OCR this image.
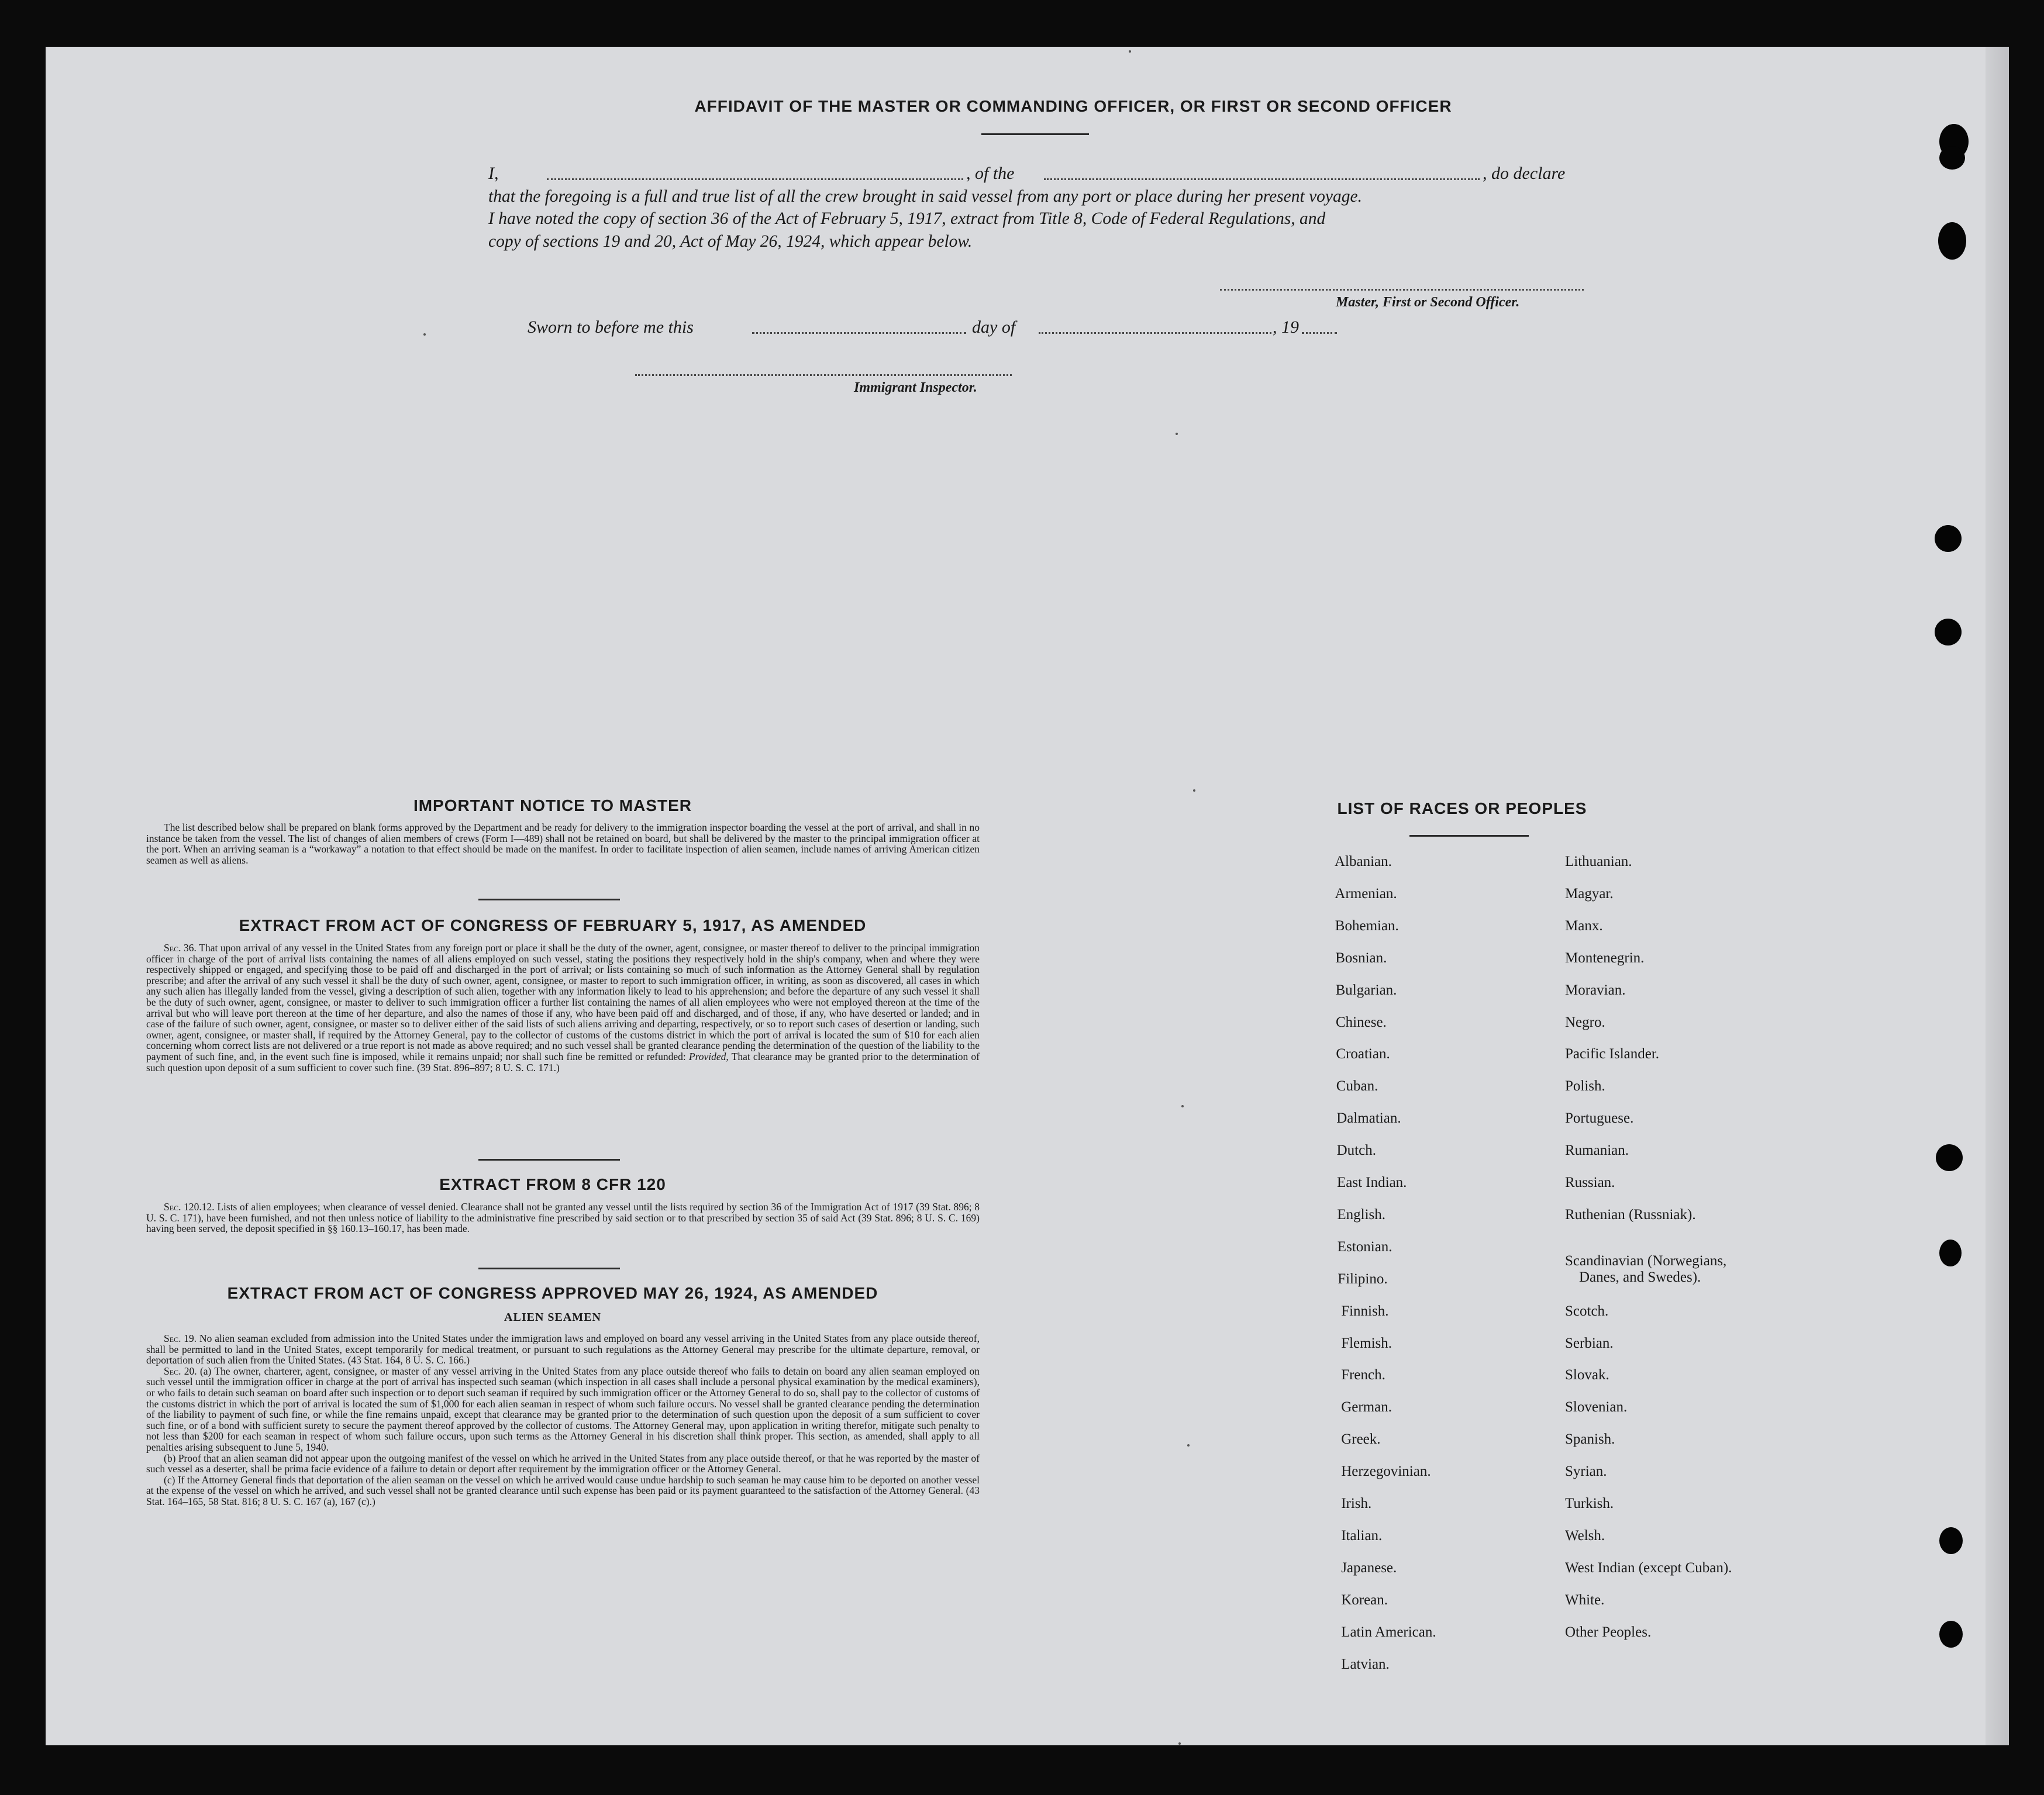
AFFIDAVIT OF THE MASTER OR COMMANDING OFFICER, OR FIRST OR SECOND OFFICER
I,	, of the	, do declare
that the foregoing is a full and true list of all the crew brought in said vessel from any port or place during her present voyage.
I have noted the copy of section 36 of the Act of February 5, 1917, extract from Title 8, Code of Federal Regulations, and
copy of sections 19 and 20, Act of May 26, 1924, which appear below.
Master, First or Second Officer.
Sworn to before me this	day of	, 19
Immigrant Inspector.
IMPORTANT NOTICE TO MASTER

The list described below shall be prepared on blank forms approved by the Department and be ready for delivery to the immigration inspector boarding the vessel at the port of arrival, and shall in no instance be taken from the vessel. The list of changes of alien members of crews (Form I—489) shall not be retained on board, but shall be delivered by the master to the principal immigration officer at the port. When an arriving seaman is a “workaway” a notation to that effect should be made on the manifest. In order to facilitate inspection of alien seamen, include names of arriving American citizen seamen as well as aliens.

EXTRACT FROM ACT OF CONGRESS OF FEBRUARY 5, 1917, AS AMENDED

Sec. 36. That upon arrival of any vessel in the United States from any foreign port or place it shall be the duty of the owner, agent, consignee, or master thereof to deliver to the principal immigration officer in charge of the port of arrival lists containing the names of all aliens employed on such vessel, stating the positions they respectively hold in the ship's company, when and where they were respectively shipped or engaged, and specifying those to be paid off and discharged in the port of arrival; or lists containing so much of such information as the Attorney General shall by regulation prescribe; and after the arrival of any such vessel it shall be the duty of such owner, agent, consignee, or master to report to such immigration officer, in writing, as soon as discovered, all cases in which any such alien has illegally landed from the vessel, giving a description of such alien, together with any information likely to lead to his apprehension; and before the departure of any such vessel it shall be the duty of such owner, agent, consignee, or master to deliver to such immigration officer a further list containing the names of all alien employees who were not employed thereon at the time of the arrival but who will leave port thereon at the time of her departure, and also the names of those if any, who have been paid off and discharged, and of those, if any, who have deserted or landed; and in case of the failure of such owner, agent, consignee, or master so to deliver either of the said lists of such aliens arriving and departing, respectively, or so to report such cases of desertion or landing, such owner, agent, consignee, or master shall, if required by the Attorney General, pay to the collector of customs of the customs district in which the port of arrival is located the sum of $10 for each alien concerning whom correct lists are not delivered or a true report is not made as above required; and no such vessel shall be granted clearance pending the determination of the question of the liability to the payment of such fine, and, in the event such fine is imposed, while it remains unpaid; nor shall such fine be remitted or refunded: Provided, That clearance may be granted prior to the determination of such question upon deposit of a sum sufficient to cover such fine. (39 Stat. 896–897; 8 U. S. C. 171.)

EXTRACT FROM 8 CFR 120

Sec. 120.12. Lists of alien employees; when clearance of vessel denied. Clearance shall not be granted any vessel until the lists required by section 36 of the Immigration Act of 1917 (39 Stat. 896; 8 U. S. C. 171), have been furnished, and not then unless notice of liability to the administrative fine prescribed by said section or to that prescribed by section 35 of said Act (39 Stat. 896; 8 U. S. C. 169) having been served, the deposit specified in §§ 160.13–160.17, has been made.

EXTRACT FROM ACT OF CONGRESS APPROVED MAY 26, 1924, AS AMENDED
ALIEN SEAMEN

Sec. 19. No alien seaman excluded from admission into the United States under the immigration laws and employed on board any vessel arriving in the United States from any place outside thereof, shall be permitted to land in the United States, except temporarily for medical treatment, or pursuant to such regulations as the Attorney General may prescribe for the ultimate departure, removal, or deportation of such alien from the United States. (43 Stat. 164, 8 U. S. C. 166.)

Sec. 20. (a) The owner, charterer, agent, consignee, or master of any vessel arriving in the United States from any place outside thereof who fails to detain on board any alien seaman employed on such vessel until the immigration officer in charge at the port of arrival has inspected such seaman (which inspection in all cases shall include a personal physical examination by the medical examiners), or who fails to detain such seaman on board after such inspection or to deport such seaman if required by such immigration officer or the Attorney General to do so, shall pay to the collector of customs of the customs district in which the port of arrival is located the sum of $1,000 for each alien seaman in respect of whom such failure occurs. No vessel shall be granted clearance pending the determination of the liability to payment of such fine, or while the fine remains unpaid, except that clearance may be granted prior to the determination of such question upon the deposit of a sum sufficient to cover such fine, or of a bond with sufficient surety to secure the payment thereof approved by the collector of customs. The Attorney General may, upon application in writing therefor, mitigate such penalty to not less than $200 for each seaman in respect of whom such failure occurs, upon such terms as the Attorney General in his discretion shall think proper. This section, as amended, shall apply to all penalties arising subsequent to June 5, 1940.

(b) Proof that an alien seaman did not appear upon the outgoing manifest of the vessel on which he arrived in the United States from any place outside thereof, or that he was reported by the master of such vessel as a deserter, shall be prima facie evidence of a failure to detain or deport after requirement by the immigration officer or the Attorney General.

(c) If the Attorney General finds that deportation of the alien seaman on the vessel on which he arrived would cause undue hardship to such seaman he may cause him to be deported on another vessel at the expense of the vessel on which he arrived, and such vessel shall not be granted clearance until such expense has been paid or its payment guaranteed to the satisfaction of the Attorney General. (43 Stat. 164–165, 58 Stat. 816; 8 U. S. C. 167 (a), 167 (c).)

LIST OF RACES OR PEOPLES
Albanian.
Armenian.
Bohemian.
Bosnian.
Bulgarian.
Chinese.
Croatian.
Cuban.
Dalmatian.
Dutch.
East Indian.
English.
Estonian.
Filipino.
Finnish.
Flemish.
French.
German.
Greek.
Herzegovinian.
Irish.
Italian.
Japanese.
Korean.
Latin American.
Latvian.
Lithuanian.
Magyar.
Manx.
Montenegrin.
Moravian.
Negro.
Pacific Islander.
Polish.
Portuguese.
Rumanian.
Russian.
Ruthenian (Russniak).
Scandinavian (Norwegians,
Danes, and Swedes).
Scotch.
Serbian.
Slovak.
Slovenian.
Spanish.
Syrian.
Turkish.
Welsh.
West Indian (except Cuban).
White.
Other Peoples.
